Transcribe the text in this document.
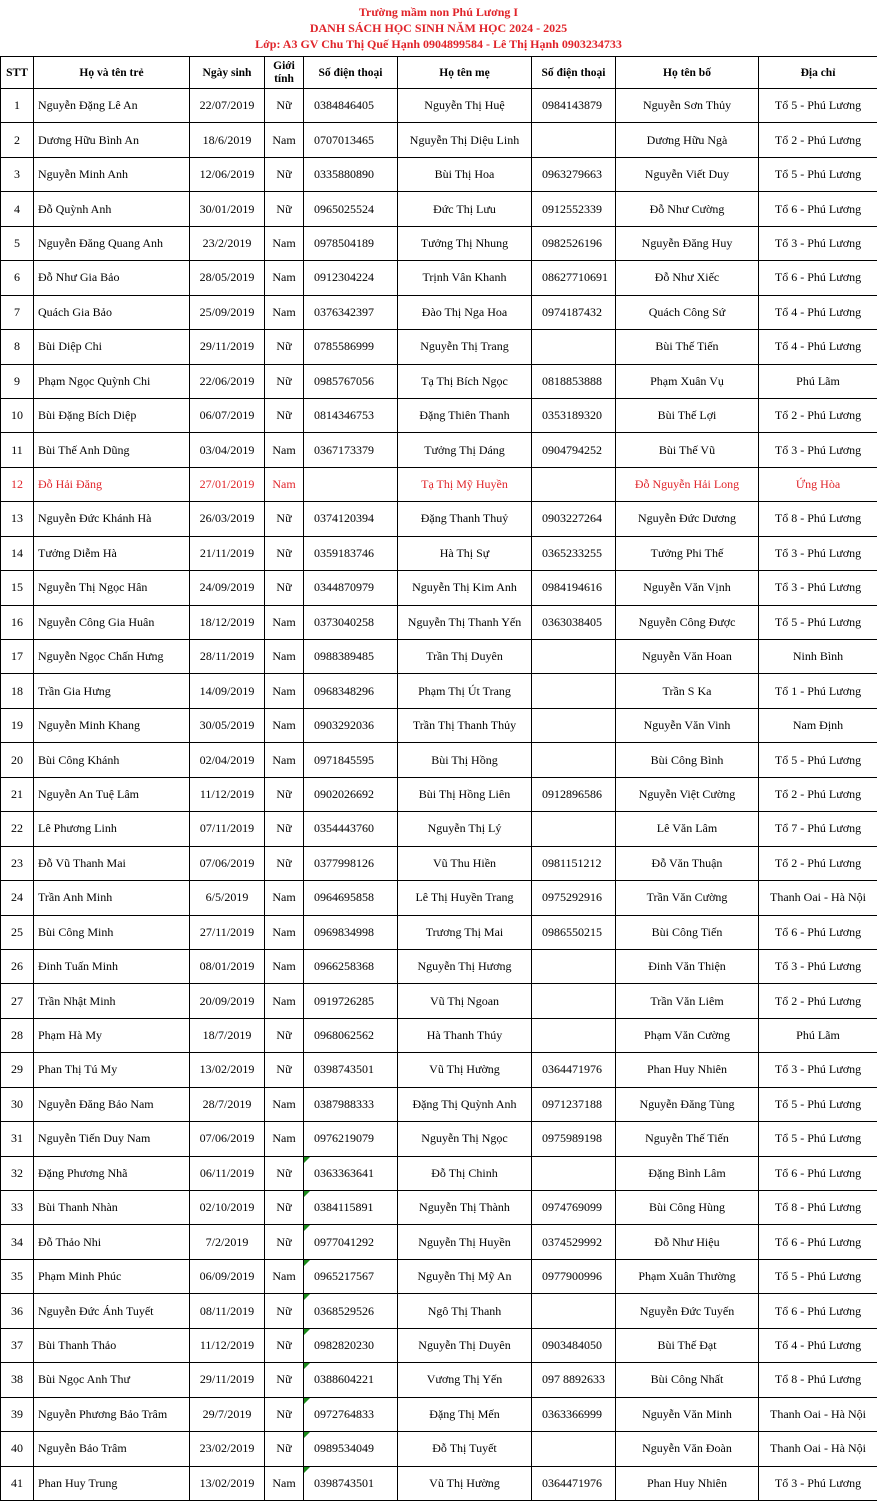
Trường mầm non Phú Lương I
DANH SÁCH HỌC SINH NĂM HỌC 2024 - 2025
Lớp: A3 GV Chu Thị Quế Hạnh 0904899584 - Lê Thị Hạnh 0903234733
STT	Họ và tên trẻ	Ngày sinh	Giới tính	Số điện thoại	Họ tên mẹ	Số điện thoại	Họ tên bố	Địa chỉ
1	Nguyễn Đặng Lê An	22/07/2019	Nữ	0384846405	Nguyễn Thị Huệ	0984143879	Nguyễn Sơn Thủy	Tổ 5 - Phú Lương
2	Dương Hữu Bình An	18/6/2019	Nam	0707013465	Nguyễn Thị Diệu Linh		Dương Hữu Ngà	Tổ 2 - Phú Lương
3	Nguyễn Minh Anh	12/06/2019	Nữ	0335880890	Bùi Thị Hoa	0963279663	Nguyễn Viết Duy	Tổ 5 - Phú Lương
4	Đỗ Quỳnh Anh	30/01/2019	Nữ	0965025524	Đức Thị Lưu	0912552339	Đỗ Như Cường	Tổ 6 - Phú Lương
5	Nguyễn Đăng Quang Anh	23/2/2019	Nam	0978504189	Tưởng Thị Nhung	0982526196	Nguyễn Đăng Huy	Tổ 3 - Phú Lương
6	Đỗ Như Gia Bảo	28/05/2019	Nam	0912304224	Trịnh Vân Khanh	08627710691	Đỗ Như Xiếc	Tổ 6 - Phú Lương
7	Quách Gia Bảo	25/09/2019	Nam	0376342397	Đào Thị Nga Hoa	0974187432	Quách Công Sứ	Tổ 4 - Phú Lương
8	Bùi Diệp Chi	29/11/2019	Nữ	0785586999	Nguyễn Thị Trang		Bùi Thế Tiến	Tổ 4 - Phú Lương
9	Phạm Ngọc Quỳnh Chi	22/06/2019	Nữ	0985767056	Tạ Thị Bích Ngọc	0818853888	Phạm Xuân Vụ	Phú Lãm
10	Bùi Đặng Bích Diệp	06/07/2019	Nữ	0814346753	Đặng Thiên Thanh	0353189320	Bùi Thế Lợi	Tổ 2 - Phú Lương
11	Bùi Thế Anh Dũng	03/04/2019	Nam	0367173379	Tưởng Thị Dáng	0904794252	Bùi Thế Vũ	Tổ 3 - Phú Lương
12	Đỗ Hải Đăng	27/01/2019	Nam		Tạ Thị Mỹ Huyền		Đỗ Nguyễn Hải Long	Ứng Hòa
13	Nguyễn Đức Khánh Hà	26/03/2019	Nữ	0374120394	Đặng Thanh Thuỷ	0903227264	Nguyễn Đức Dương	Tổ 8 - Phú Lương
14	Tưởng Diễm Hà	21/11/2019	Nữ	0359183746	Hà Thị Sự	0365233255	Tưởng Phi Thế	Tổ 3 - Phú Lương
15	Nguyễn Thị Ngọc Hân	24/09/2019	Nữ	0344870979	Nguyễn Thị Kim Anh	0984194616	Nguyễn Văn Vịnh	Tổ 3 - Phú Lương
16	Nguyễn Công Gia Huân	18/12/2019	Nam	0373040258	Nguyễn Thị Thanh Yến	0363038405	Nguyễn Công Được	Tổ 5 - Phú Lương
17	Nguyễn Ngọc Chấn Hưng	28/11/2019	Nam	0988389485	Trần Thị Duyên		Nguyễn Văn Hoan	Ninh Bình
18	Trần Gia Hưng	14/09/2019	Nam	0968348296	Phạm Thị Út Trang		Trần S Ka	Tổ 1 - Phú Lương
19	Nguyễn Minh Khang	30/05/2019	Nam	0903292036	Trần Thị Thanh Thủy		Nguyễn Văn Vinh	Nam Định
20	Bùi Công Khánh	02/04/2019	Nam	0971845595	Bùi Thị Hồng		Bùi Công Bình	Tổ 5 - Phú Lương
21	Nguyễn An Tuệ Lâm	11/12/2019	Nữ	0902026692	Bùi Thị Hồng Liên	0912896586	Nguyễn Việt Cường	Tổ 2 - Phú Lương
22	Lê Phương Linh	07/11/2019	Nữ	0354443760	Nguyễn Thị Lý		Lê Văn Lâm	Tổ 7 - Phú Lương
23	Đỗ Vũ Thanh Mai	07/06/2019	Nữ	0377998126	Vũ Thu Hiền	0981151212	Đỗ Văn Thuận	Tổ 2 - Phú Lương
24	Trần Anh Minh	6/5/2019	Nam	0964695858	Lê Thị Huyền Trang	0975292916	Trần Văn Cường	Thanh Oai - Hà Nội
25	Bùi Công Minh	27/11/2019	Nam	0969834998	Trương Thị Mai	0986550215	Bùi Công Tiến	Tổ 6 - Phú Lương
26	Đinh Tuấn Minh	08/01/2019	Nam	0966258368	Nguyễn Thị Hương		Đinh Văn Thiện	Tổ 3 - Phú Lương
27	Trần Nhật Minh	20/09/2019	Nam	0919726285	Vũ Thị Ngoan		Trần Văn Liêm	Tổ 2 - Phú Lương
28	Phạm Hà My	18/7/2019	Nữ	0968062562	Hà Thanh Thúy		Phạm Văn Cường	Phú Lãm
29	Phan Thị Tú My	13/02/2019	Nữ	0398743501	Vũ Thị Hường	0364471976	Phan Huy Nhiên	Tổ 3 - Phú Lương
30	Nguyễn Đăng Bảo Nam	28/7/2019	Nam	0387988333	Đặng Thị Quỳnh Anh	0971237188	Nguyễn Đăng Tùng	Tổ 5 - Phú Lương
31	Nguyễn Tiến Duy Nam	07/06/2019	Nam	0976219079	Nguyễn Thị Ngọc	0975989198	Nguyễn Thế Tiến	Tổ 5 - Phú Lương
32	Đặng Phương Nhã	06/11/2019	Nữ	0363363641	Đỗ Thị Chinh		Đặng Bình Lâm	Tổ 6 - Phú Lương
33	Bùi Thanh Nhàn	02/10/2019	Nữ	0384115891	Nguyễn Thị Thành	0974769099	Bùi Công Hùng	Tổ 8 - Phú Lương
34	Đỗ Thảo Nhi	7/2/2019	Nữ	0977041292	Nguyễn Thị Huyền	0374529992	Đỗ Như Hiệu	Tổ 6 - Phú Lương
35	Phạm Minh Phúc	06/09/2019	Nam	0965217567	Nguyễn Thị Mỹ An	0977900996	Phạm Xuân Thường	Tổ 5 - Phú Lương
36	Nguyễn Đức Ánh Tuyết	08/11/2019	Nữ	0368529526	Ngô Thị Thanh		Nguyễn Đức Tuyến	Tổ 6 - Phú Lương
37	Bùi Thanh Thảo	11/12/2019	Nữ	0982820230	Nguyễn Thị Duyên	0903484050	Bùi Thế Đạt	Tổ 4 - Phú Lương
38	Bùi Ngọc Anh Thư	29/11/2019	Nữ	0388604221	Vương Thị Yến	097 8892633	Bùi Công Nhất	Tổ 8 - Phú Lương
39	Nguyễn Phương Bảo Trâm	29/7/2019	Nữ	0972764833	Đặng Thị Mến	0363366999	Nguyễn Văn Minh	Thanh Oai - Hà Nội
40	Nguyễn Bảo Trâm	23/02/2019	Nữ	0989534049	Đỗ Thị Tuyết		Nguyễn Văn Đoàn	Thanh Oai - Hà Nội
41	Phan Huy Trung	13/02/2019	Nam	0398743501	Vũ Thị Hường	0364471976	Phan Huy Nhiên	Tổ 3 - Phú Lương
